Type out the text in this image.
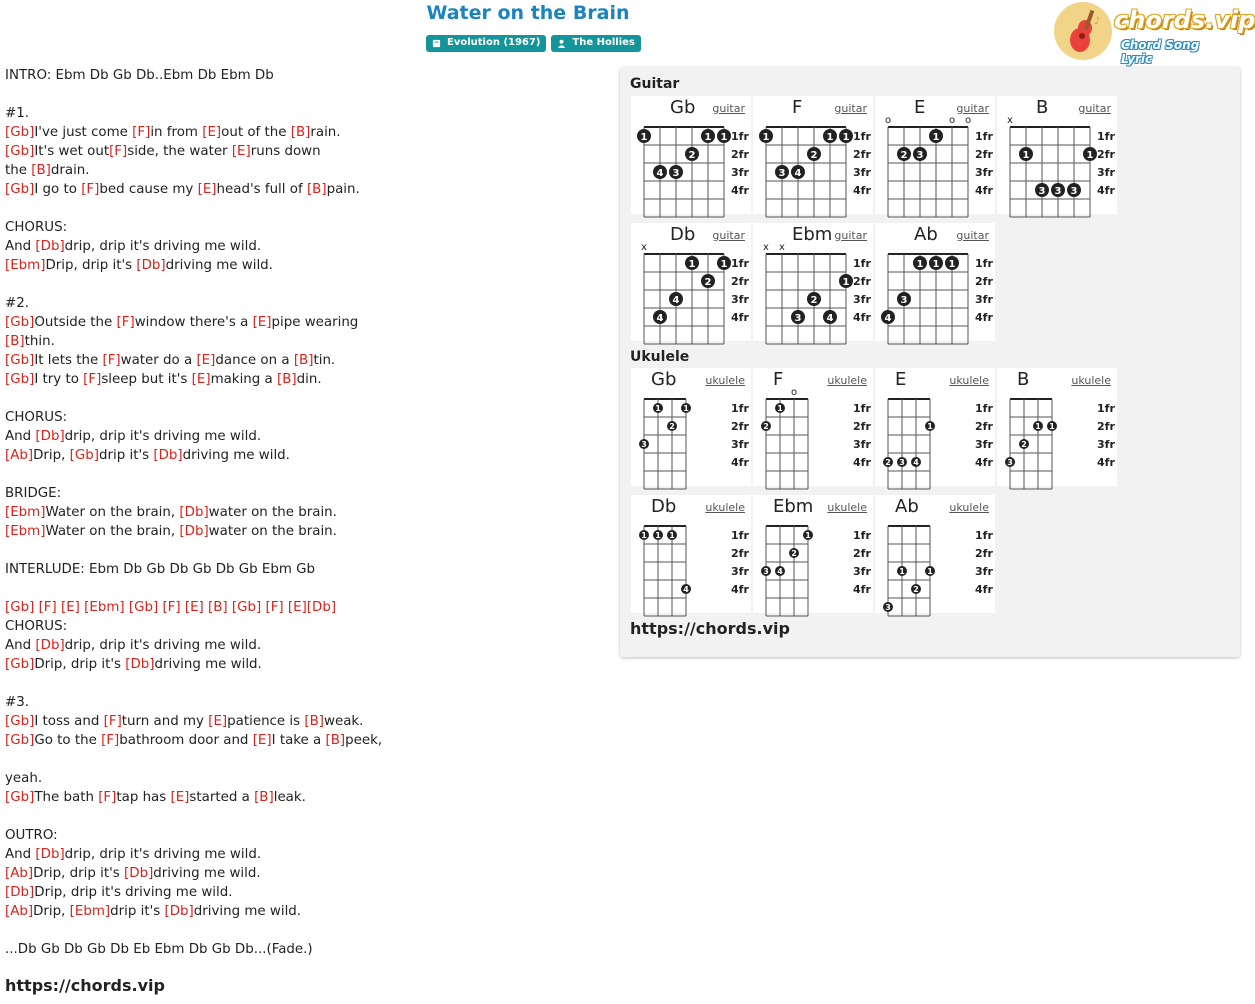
Water on the Brain
Evolution (1967)	The Hollies
♪ chords.vip
Chord Song Lyric
INTRO: Ebm Db Gb Db..Ebm Db Ebm Db
#1.
[Gb]I've just come [F]in from [E]out of the [B]rain.
[Gb]It's wet out[F]side, the water [E]runs down
the [B]drain.
[Gb]I go to [F]bed cause my [E]head's full of [B]pain.
CHORUS:
And [Db]drip, drip it's driving me wild.
[Ebm]Drip, drip it's [Db]driving me wild.
#2.
[Gb]Outside the [F]window there's a [E]pipe wearing
[B]thin.
[Gb]It lets the [F]water do a [E]dance on a [B]tin.
[Gb]I try to [F]sleep but it's [E]making a [B]din.
CHORUS:
And [Db]drip, drip it's driving me wild.
[Ab]Drip, [Gb]drip it's [Db]driving me wild.
BRIDGE:
[Ebm]Water on the brain, [Db]water on the brain.
[Ebm]Water on the brain, [Db]water on the brain.
INTERLUDE: Ebm Db Gb Db Gb Db Gb Ebm Gb
[Gb] [F] [E] [Ebm] [Gb] [F] [E] [B] [Gb] [F] [E][Db]
CHORUS:
And [Db]drip, drip it's driving me wild.
[Gb]Drip, drip it's [Db]driving me wild.
#3.
[Gb]I toss and [F]turn and my [E]patience is [B]weak.
[Gb]Go to the [F]bathroom door and [E]I take a [B]peek,
yeah.
[Gb]The bath [F]tap has [E]started a [B]leak.
OUTRO:
And [Db]drip, drip it's driving me wild.
[Ab]Drip, drip it's [Db]driving me wild.
[Db]Drip, drip it's driving me wild.
[Ab]Drip, [Ebm]drip it's [Db]driving me wild.
...Db Gb Db Gb Db Eb Ebm Db Gb Db...(Fade.)
https://chords.vip
Guitar
Ukulele
https://chords.vip
1fr
2fr
3fr
4fr
1
4 3
2
1 1
Gb guitar
1fr
2fr
3fr
4fr
1
3 4
2
1 1
F	guitar
1fr
2fr
3fr
4fr
o	o o
2 3
1
E	guitar
1fr
2fr
3fr
4fr
x
1
3 3 3
1
B	guitar
1fr
2fr
3fr
4fr
x
4
4
1
2
1
Db guitar
1fr
2fr
3fr
4fr
x x
3
2
4
1
Ebm guitar
1fr
2fr
3fr
4fr
4
3
1 1 1
Ab guitar
1fr
2fr
3fr
4fr
3
1
2
1
Gb	ukulele
1fr
2fr
3fr
4fr
o
2
1
F	ukulele
1fr
2fr
3fr
4fr
2 3 4
1
E	ukulele
1fr
2fr
3fr
4fr
3
2
1 1
B	ukulele
1fr
2fr
3fr
4fr
1 1 1
4
Db	ukulele
1fr
2fr
3fr
4fr
3 4
2
1
Ebm ukulele
1fr
2fr
3fr
4fr
3
1
2
1
Ab	ukulele
